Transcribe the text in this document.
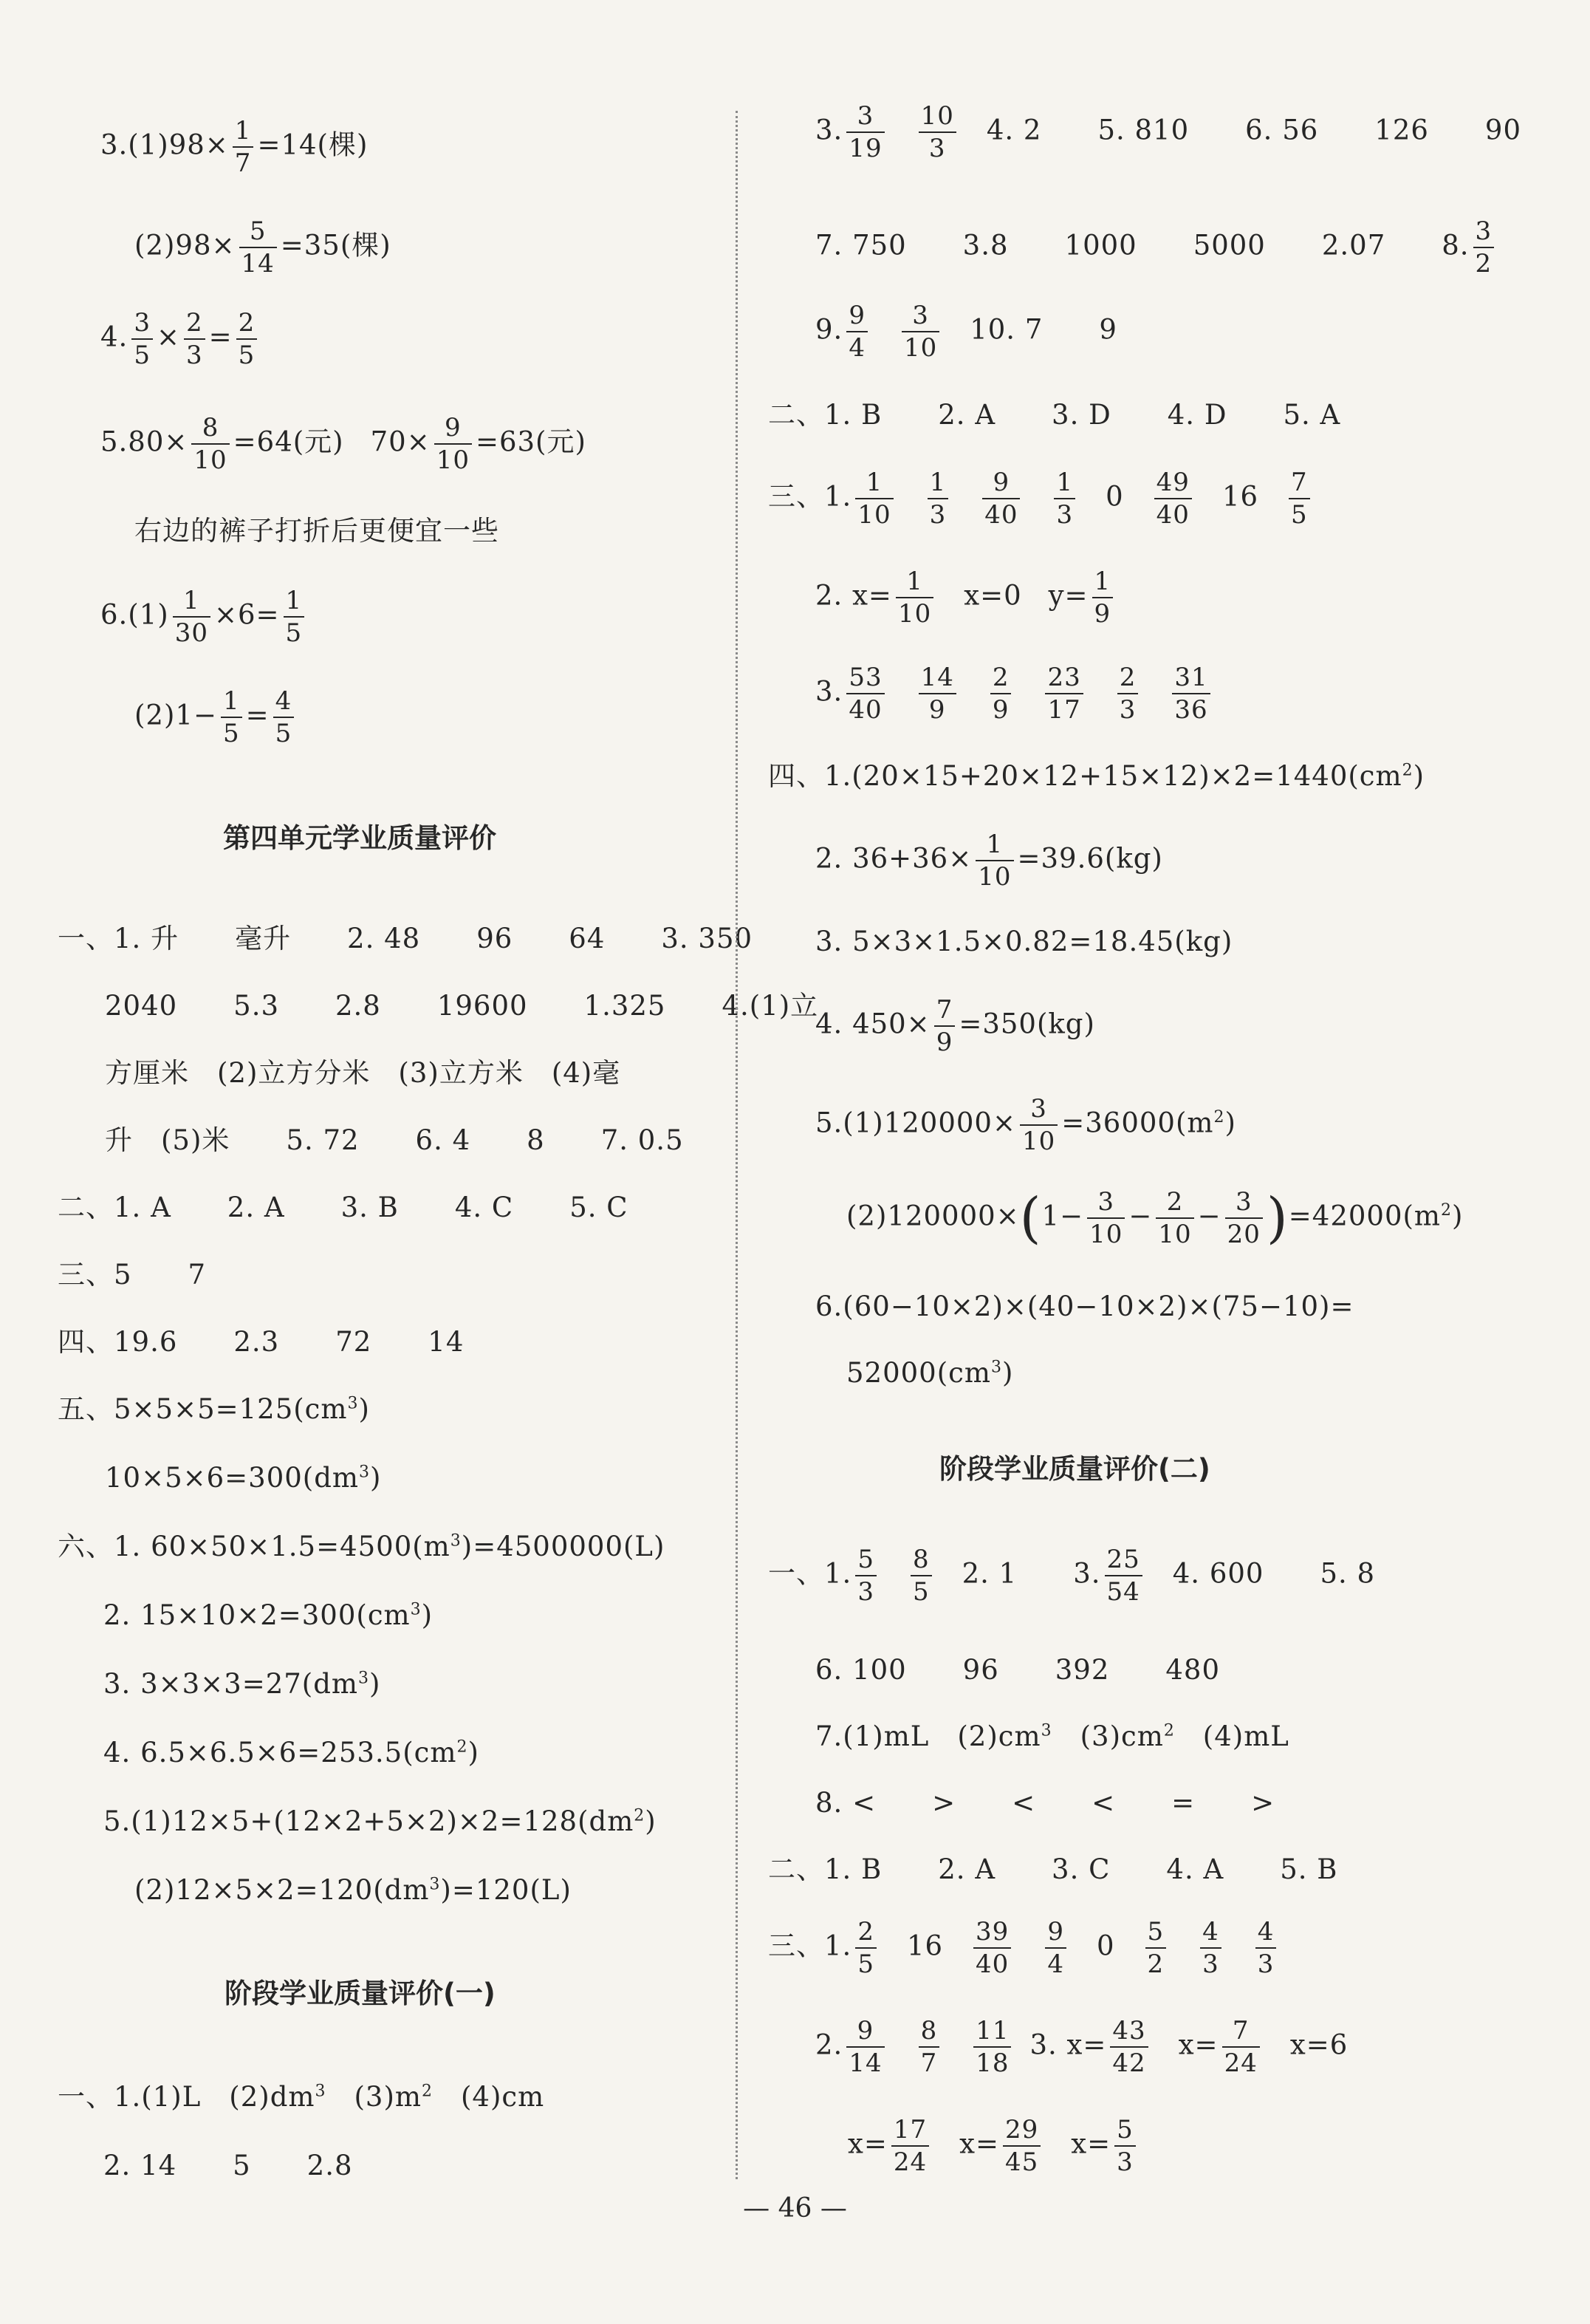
$3.(1)98\times \frac{1}{7} =14$(棵)
$(2)98\times \frac{5}{14} =35$(棵)
4. $\frac{3}{5} \times \frac{2}{3} = \frac{2}{5}$
$5.80\times \frac{8}{10} =64$(元) $70\times \frac{9}{10} =63$(元)
右边的裤子打折后更便宜一些
$6.(1) \frac{1}{30} \times 6= \frac{1}{5}$
$(2)1- \frac{1}{5} = \frac{4}{5}$
第四单元学业质量评价
一、1. 升　　毫升　　2. 48　　96　　64　　3. 350
2040　　5.3　　2.8　　19600　　1.325　　4.(1)立
方厘米　(2)立方分米　(3)立方米　(4)毫
升　(5)米　　5. 72　　6. 4　　8　　7. 0.5
二、1. A　　2. A　　3. B　　4. C　　5. C
三、5　　7
四、19.6　　2.3　　72　　14
五、$5\times 5\times 5=125(cm^3)$
$10\times 5\times 6=300(dm^3)$
六、1. $60\times 50\times 1.5=4500(m^3)=4500000(L)$
2. $15\times 10\times 2=300(cm^3)$
3. $3\times 3\times 3=27(dm^3)$
4. $6.5\times 6.5\times 6=253.5(cm^2)$
$5.(1)12\times 5+(12\times 2+5\times 2)\times 2=128(dm^2)$
$(2)12\times 5\times 2=120(dm^3)=120(L)$
阶段学业质量评价(一)
一、1.(1)L　$(2)dm^3$　$(3)m^2$　(4)cm
2. 14　　5　　2.8
3. $\frac{3}{19} \frac{10}{3} 4$. 2　　5. 810　　6. 56　　126　　90
7. 750　　3.8　　1000　　5000　　2.07　　8. $\frac{3}{2}$
9. $\frac{9}{4} \frac{3}{10} 10$. 7　　9
二、1. B　　2. A　　3. D　　4. D　　5. A
三、1. $\frac{1}{10} \frac{1}{3} \frac{9}{40} \frac{1}{3} 0 \frac{49}{40} 16 \frac{7}{5}$
2. $x= \frac{1}{10} x=0$ $y= \frac{1}{9}$
3. $\frac{53}{40} \frac{14}{9} \frac{2}{9} \frac{23}{17} \frac{2}{3} \frac{31}{36}$
四、$1.(20\times 15+20\times 12+15\times 12)\times 2=1440(cm^2)$
2. $36+36\times \frac{1}{10} =39.6(kg)$
3. 5×3×1.5×0.82=18.45(kg)
4. $450\times \frac{7}{9} =350(kg)$
$5.(1)120000\times \frac{3}{10} =36000(m^2)$
$(2)120000\times(1- \frac{3}{10} - \frac{2}{10} - \frac{3}{20} )=42000(m^2)$
6.(60−10×2)×(40−10×2)×(75−10)=
$52000(cm^3)$
阶段学业质量评价(二)
一、1. $\frac{5}{3} \frac{8}{5} 2$. 1　　3. $\frac{25}{54} 4$. 600　　5. 8
6. 100　　96　　392　　480
7.(1)mL　$(2)cm^3$　$(3)cm^2$　(4)mL
8. <　　>　　<　　<　　=　　>
二、1. B　　2. A　　3. C　　4. A　　5. B
三、1. $\frac{2}{5} 16 \frac{39}{40} \frac{9}{4} 0 \frac{5}{2} \frac{4}{3} \frac{4}{3}$
2. $\frac{9}{14} \frac{8}{7} \frac{11}{18} 3$. $x= \frac{43}{42} x= \frac{7}{24} x=6$
$x= \frac{17}{24} x= \frac{29}{45} x= \frac{5}{3}$
— 46 —
